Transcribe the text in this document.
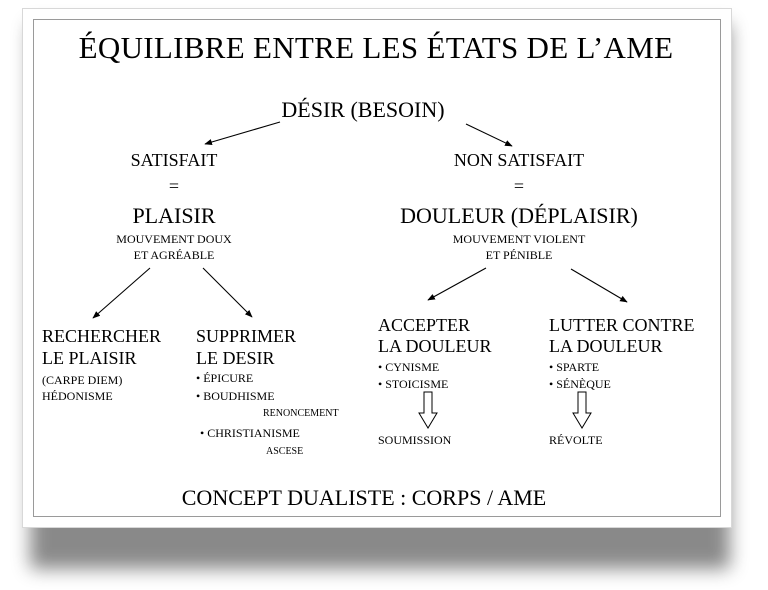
ÉQUILIBRE ENTRE LES ÉTATS DE L’AME
DÉSIR (BESOIN)
SATISFAIT
=
PLAISIR
MOUVEMENT DOUX
ET AGRÉABLE
NON SATISFAIT
=
DOULEUR (DÉPLAISIR)
MOUVEMENT VIOLENT
ET PÉNIBLE
RECHERCHER
LE PLAISIR
(CARPE DIEM)
HÉDONISME
SUPPRIMER
LE DESIR
• ÉPICURE
• BOUDHISME
RENONCEMENT
• CHRISTIANISME
ASCESE
ACCEPTER
LA DOULEUR
• CYNISME
• STOICISME
SOUMISSION
LUTTER CONTRE
LA DOULEUR
• SPARTE
• SÉNÈQUE
RÉVOLTE
CONCEPT DUALISTE : CORPS / AME
